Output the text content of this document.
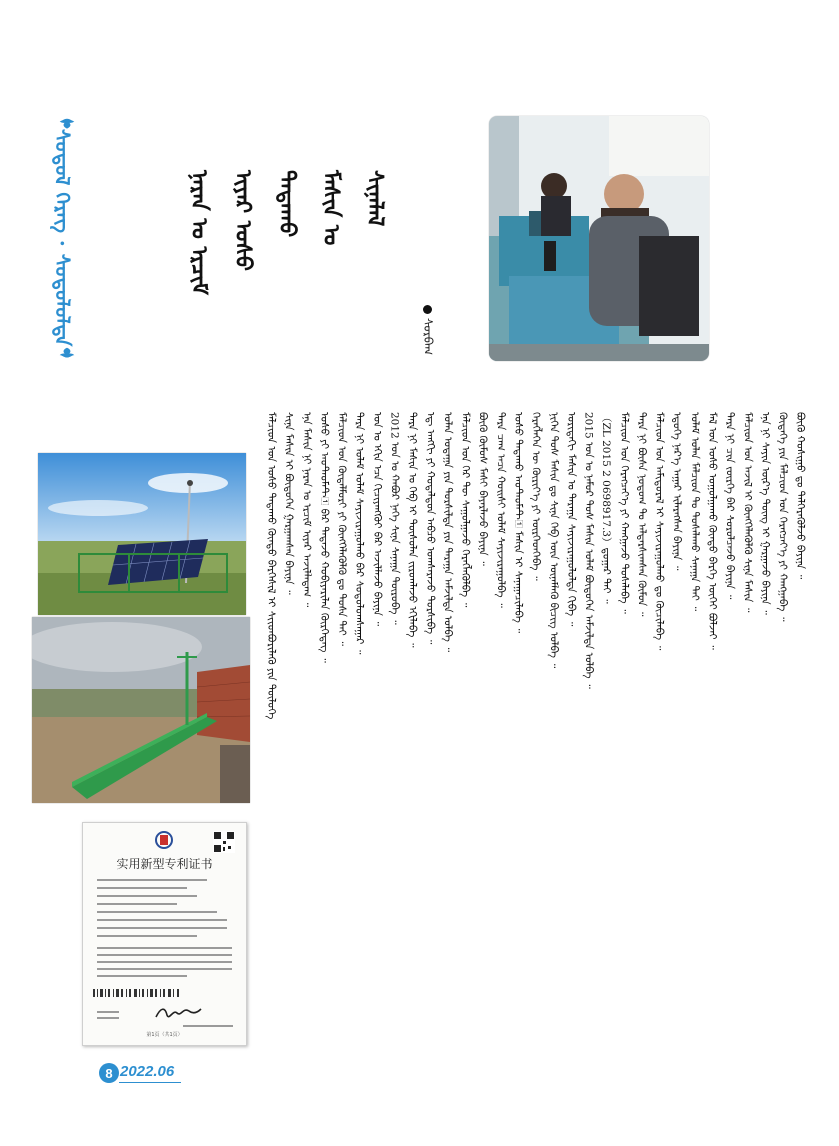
ᠰᠤᠳᠤᠯ ᠬᠡᠷᠡᠭ · ᠰᠤᠳᠤᠯᠤᠯᠲᠠ	ᠨᠠᠷᠠᠨ ᠤ ᠡᠷᠴᠢᠮ ᠢᠶᠡᠷ ᠤᠰᠤ ᠲᠠᠲᠠᠬᠤ ᠮᠠᠰᠢᠨ ᠤ ᠰᠢᠨᠡᠯᠡᠯ
ᠰᠤᠷᠪᠠᠭ
实用新型专利证书
第1页（共1页）
ᠮᠠᠯᠴᠢᠳ ᠤᠨ ᠤᠰᠤ ᠲᠠᠲᠠᠬᠤ ᠬᠦᠨᠳᠦ ᠪᠡᠷᠬᠡᠰᠢᠯ ᠢ ᠱᠢᠢᠳᠪᠦᠷᠢᠯᠡᠬᠦ ᠶᠢᠨ ᠲᠥᠯᠥᠭᠡ ᠰᠢᠨᠡ ᠮᠠᠰᠢᠨ ᠢ ᠪᠦᠲᠦᠭᠡᠨ ᠭᠠᠷᠭᠠᠭᠰᠠᠨ ᠪᠠᠶᠢᠨᠠ ᠃ ᠡᠨᠡ ᠮᠠᠰᠢᠨ ᠨᠢ ᠨᠠᠷᠠᠨ ᠤ ᠡᠷᠴᠢᠮ ᠢᠶᠡᠷ ᠠᠵᠢᠯᠯᠠᠳᠠᠭ ᠃ ᠤᠰᠤ ᠶᠢ ᠠᠦᠲ᠋ᠣ᠋ᠮᠠᠲ᠋ ᠪᠠᠷ ᠲᠠᠲᠠᠵᠤ ᠬᠤᠪᠢᠶᠠᠷᠢᠯᠠᠨ ᠬᠦᠷᠭᠡᠳᠡᠭ ᠃ ᠮᠠᠯᠴᠢᠳ ᠤᠨ ᠬᠥᠳᠡᠯᠮᠦᠷᠢ ᠶᠢ ᠬᠥᠩᠭᠡᠯᠡᠭᠦᠯᠬᠦ ᠳᠤ ᠲᠤᠰᠠ ᠲᠠᠢ ᠃ ᠲᠡᠷᠡ ᠨᠢ ᠤᠯᠠᠮ ᠤᠯᠠᠮ ᠰᠠᠶᠢᠵᠢᠷᠠᠭᠤᠯᠬᠤ ᠪᠠᠷ ᠰᠤᠳᠤᠯᠤᠭᠰᠠᠭᠠᠷ ᠃ ᠤᠨ ᠤ ᠡᠬᠢᠨ ᠡᠴᠡ ᠬᠢᠴᠢᠶᠡᠩᠭᠦᠢ ᠪᠡᠷ ᠠᠵᠢᠯᠯᠠᠵᠤ ᠪᠠᠶᠢᠨᠠ ᠃ 2012 ᠣᠨ ᠤ ᠬᠠᠪᠤᠷ ᠨᠡᠭᠡ ᠰᠢᠨᠡ ᠰᠠᠨᠠᠭᠠ ᠲᠥᠷᠥᠪᠡ ᠃ ᠲᠡᠷᠡ ᠨᠢ ᠮᠠᠰᠢᠨ ᠤ ᠬᠡᠪ ᠢ ᠲᠥᠰᠦᠯᠡᠨ ᠵᠢᠷᠤᠭᠯᠠᠵᠤ ᠡᠬᠢᠯᠡᠪᠡ ᠃ ᠡᠳ᠋ ᠠᠩᠭᠢ ᠶᠢ ᠬᠤᠳᠠᠯᠳᠤᠨ ᠠᠪᠴᠤ ᠤᠭᠰᠠᠷᠠᠵᠤ ᠲᠤᠷᠰᠢᠪᠠ ᠃ ᠤᠯᠠᠨ ᠤᠳᠠᠭᠠ ᠶᠢᠨ ᠲᠤᠷᠰᠢᠯᠲᠠ ᠶᠢᠨ ᠳᠠᠷᠠᠭᠠ ᠠᠮᠵᠢᠯᠲᠠ ᠣᠯᠪᠠ ᠃ ᠮᠠᠯᠴᠢᠳ ᠤᠨ ᠭᠡᠷ ᠲᠦ ᠰᠠᠭᠤᠯᠭᠠᠵᠤ ᠬᠡᠷᠡᠭᠯᠡᠭᠦᠯᠪᠡ ᠃ ᠪᠦᠬᠦ ᠬᠦᠮᠦᠰ ᠮᠠᠰᠢ ᠪᠠᠶᠠᠷᠯᠠᠵᠤ ᠪᠠᠶᠢᠨᠠ ᠃ ᠲᠡᠷᠡ ᠴᠠᠭ ᠠᠴᠠ ᠬᠣᠢᠰᠢ ᠤᠯᠠᠮ ᠰᠠᠶᠢᠵᠢᠷᠠᠭᠤᠯᠪᠠ ᠃ ᠤᠰᠤ ᠲᠠᠲᠠᠬᠤ ᠠᠦᠲ᠋ᠣ᠋ᠮᠠᠲ᠋ ᠮᠠᠰᠢᠨ ᠢ ᠰᠠᠨᠠᠭᠠᠴᠢᠯᠠᠪᠠ ᠃ ᠬᠡᠷᠡᠭᠯᠡᠭᠡᠨ ᠦ ᠬᠦᠷᠢᠶ᠎ᠡ ᠶᠢ ᠥᠷᠭᠡᠳᠬᠡᠪᠡ ᠃ ᠨᠢᠭᠡᠨ ᠲᠤᠰ ᠮᠠᠰᠢᠨ ᠳᠤ ᠰᠢᠨᠡ ᠬᠡᠪ ᠦᠨ ᠦᠨᠡᠮᠯᠡᠬᠦ ᠪᠢᠴᠢᠭ ᠣᠯᠪᠠ ᠃ ᠤᠷᠢᠳᠠᠬᠢ ᠮᠠᠰᠢᠨ ᠤ ᠳᠠᠷᠠᠭᠠ ᠰᠠᠶᠢᠵᠢᠷᠠᠭᠤᠯᠤᠯᠲᠠ ᠬᠢᠪᠡ ᠃ 2015 ᠣᠨ ᠤ ᠨᠠᠮᠤᠷ ᠲᠤᠰ ᠮᠠᠰᠢᠨ ᠤᠯᠠᠮ ᠪᠦᠲᠦᠭᠡᠨ ᠠᠮᠵᠢᠯᠲᠠ ᠣᠯᠪᠠ ᠃ （ZL 2015 2 0698917.3）ᠳ᠋ᠤᠭᠠᠷ ᠲᠠᠢ ᠃ ᠮᠠᠯᠴᠢᠳ ᠤᠨ ᠬᠡᠷᠡᠭᠴᠡᠶ᠎ᠡ ᠶᠢ ᠬᠠᠩᠭᠠᠵᠤ ᠲᠤᠰᠠᠯᠠᠪᠠ ᠃ ᠲᠡᠷᠡ ᠨᠢ ᠪᠦᠰᠡ ᠨᠤᠲᠤᠭ ᠲᠤ ᠠᠯᠳᠠᠷᠰᠢᠭᠰᠠᠨ ᠬᠦᠮᠦᠨ ᠃ ᠮᠠᠯᠴᠢᠳ ᠤᠨ ᠠᠮᠢᠳᠤᠷᠠᠯ ᠢ ᠰᠠᠶᠢᠵᠢᠷᠠᠭᠤᠯᠬᠤ ᠳᠤ ᠬᠦᠴᠢᠯᠡᠪᠡ ᠃ ᠡᠳᠦᠭᠡ ᠨᠡᠷ᠎ᠡ ᠠᠭᠠᠷ ᠢᠯᠡᠷᠡᠭᠰᠡᠨ ᠪᠠᠶᠢᠨᠠ ᠃ ᠤᠯᠠᠮ ᠣᠯᠠᠨ ᠮᠠᠯᠴᠢᠳ ᠲᠤ ᠲᠤᠰᠠᠯᠠᠬᠤ ᠰᠠᠨᠠᠭᠠ ᠲᠠᠢ ᠃ ᠮᠠᠯ ᠤᠨ ᠤᠰᠤ ᠤᠭᠤᠯᠭᠠᠬᠤ ᠬᠦᠨᠳᠦ ᠪᠡᠷᠬᠡ ᠦᠭᠡᠢ ᠪᠣᠯᠵᠠᠢ ᠃ ᠲᠡᠷᠡ ᠨᠢ ᠴᠢᠨ ᠵᠦᠷᠬᠡ ᠪᠡᠷ ᠰᠤᠷᠤᠯᠴᠠᠵᠤ ᠪᠠᠶᠢᠨᠠ ᠃ ᠮᠠᠯᠴᠢᠳ ᠤᠨ ᠠᠵᠢᠯ ᠢ ᠬᠥᠩᠭᠡᠯᠡᠭᠦᠯᠬᠦ ᠰᠢᠨᠡ ᠮᠠᠰᠢᠨ ᠃ ᠡᠨᠡ ᠨᠢ ᠰᠠᠶᠢᠨ ᠦᠷ᠎ᠡ ᠳᠦᠩ ᠢ ᠭᠠᠷᠭᠠᠵᠤ ᠪᠠᠶᠢᠨᠠ ᠃ ᠬᠥᠳᠡᠭᠡ ᠶᠢᠨ ᠮᠠᠯᠴᠢᠳ ᠤᠨ ᠬᠡᠷᠡᠭᠴᠡᠶ᠎ᠡ ᠶᠢ ᠬᠠᠩᠭᠠᠪᠠ ᠃ ᠪᠦᠬᠦ ᠬᠣᠰᠢᠭᠤ ᠳᠤ ᠳᠡᠯᠭᠡᠷᠡᠭᠦᠯᠵᠦ ᠪᠠᠶᠢᠨᠠ ᠃
8 2022.06
